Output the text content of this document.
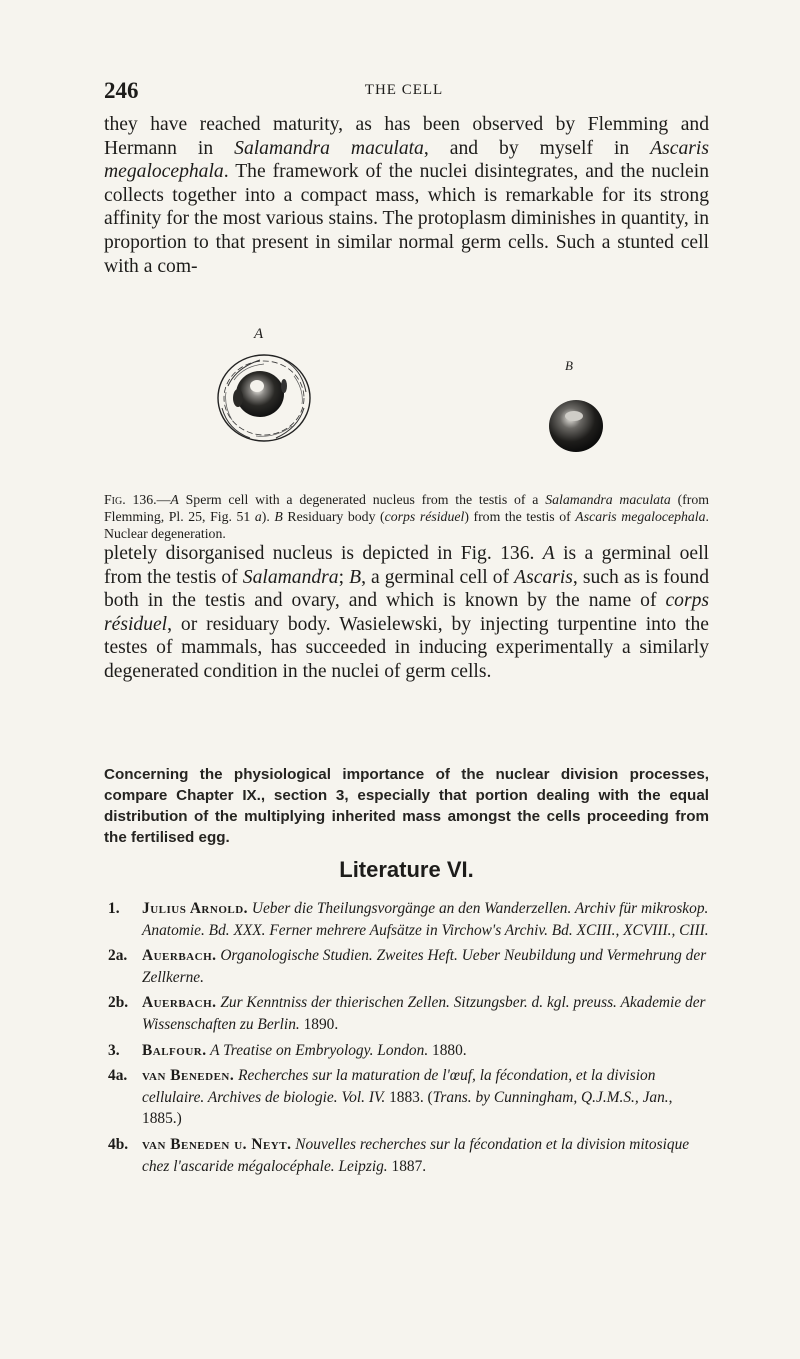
246	THE CELL

they have reached maturity, as has been observed by Flemming and Hermann in Salamandra maculata, and by myself in Ascaris megalocephala. The framework of the nuclei disintegrates, and the nuclein collects together into a compact mass, which is remarkable for its strong affinity for the most various stains. The protoplasm diminishes in quantity, in proportion to that present in similar normal germ cells. Such a stunted cell with a com-

A
B

Fig. 136.—A Sperm cell with a degenerated nucleus from the testis of a Salamandra maculata (from Flemming, Pl. 25, Fig. 51 a). B Residuary body (corps résiduel) from the testis of Ascaris megalocephala. Nuclear degeneration.

pletely disorganised nucleus is depicted in Fig. 136. A is a germinal oell from the testis of Salamandra; B, a germinal cell of Ascaris, such as is found both in the testis and ovary, and which is known by the name of corps résiduel, or residuary body. Wasielewski, by injecting turpentine into the testes of mammals, has succeeded in inducing experimentally a similarly degenerated condition in the nuclei of germ cells.

Concerning the physiological importance of the nuclear division processes, compare Chapter IX., section 3, especially that portion dealing with the equal distribution of the multiplying inherited mass amongst the cells proceeding from the fertilised egg.

Literature VI.
1. Julius Arnold. Ueber die Theilungsvorgänge an den Wanderzellen. Archiv für mikroskop. Anatomie. Bd. XXX. Ferner mehrere Aufsätze in Virchow's Archiv. Bd. XCIII., XCVIII., CIII.
2a. Auerbach. Organologische Studien. Zweites Heft. Ueber Neubildung und Vermehrung der Zellkerne.
2b. Auerbach. Zur Kenntniss der thierischen Zellen. Sitzungsber. d. kgl. preuss. Akademie der Wissenschaften zu Berlin. 1890.
3. Balfour. A Treatise on Embryology. London. 1880.
4a. van Beneden. Recherches sur la maturation de l'œuf, la fécondation, et la division cellulaire. Archives de biologie. Vol. IV. 1883. (Trans. by Cunningham, Q.J.M.S., Jan., 1885.)
4b. van Beneden u. Neyt. Nouvelles recherches sur la fécondation et la division mitosique chez l'ascaride mégalocéphale. Leipzig. 1887.
